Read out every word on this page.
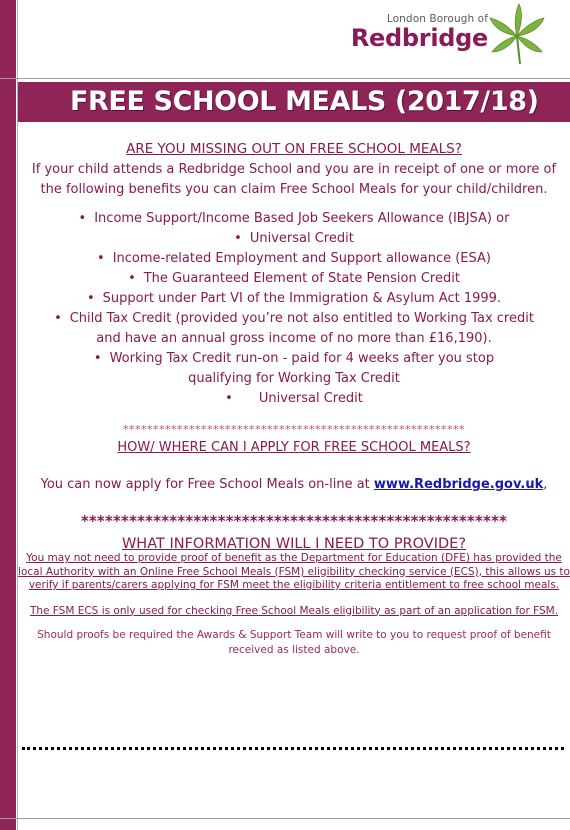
London Borough of
Redbridge
FREE SCHOOL MEALS (2017/18)
ARE YOU MISSING OUT ON FREE SCHOOL MEALS?
If your child attends a Redbridge School and you are in receipt of one or more of the following benefits you can claim Free School Meals for your child/children.
• Income Support/Income Based Job Seekers Allowance (IBJSA) or
• Universal Credit
• Income-related Employment and Support allowance (ESA)
• The Guaranteed Element of State Pension Credit
• Support under Part VI of the Immigration & Asylum Act 1999.
• Child Tax Credit (provided you’re not also entitled to Working Tax credit and have an annual gross income of no more than £16,190).
• Working Tax Credit run-on - paid for 4 weeks after you stop qualifying for Working Tax Credit
• Universal Credit
*********************************************************
HOW/ WHERE CAN I APPLY FOR FREE SCHOOL MEALS?
You can now apply for Free School Meals on-line at www.Redbridge.gov.uk,
*****************************************************
WHAT INFORMATION WILL I NEED TO PROVIDE?
You may not need to provide proof of benefit as the Department for Education (DFE) has provided the local Authority with an Online Free School Meals (FSM) eligibility checking service (ECS), this allows us to verify if parents/carers applying for FSM meet the eligibility criteria entitlement to free school meals.
The FSM ECS is only used for checking Free School Meals eligibility as part of an application for FSM.
Should proofs be required the Awards & Support Team will write to you to request proof of benefit received as listed above.
